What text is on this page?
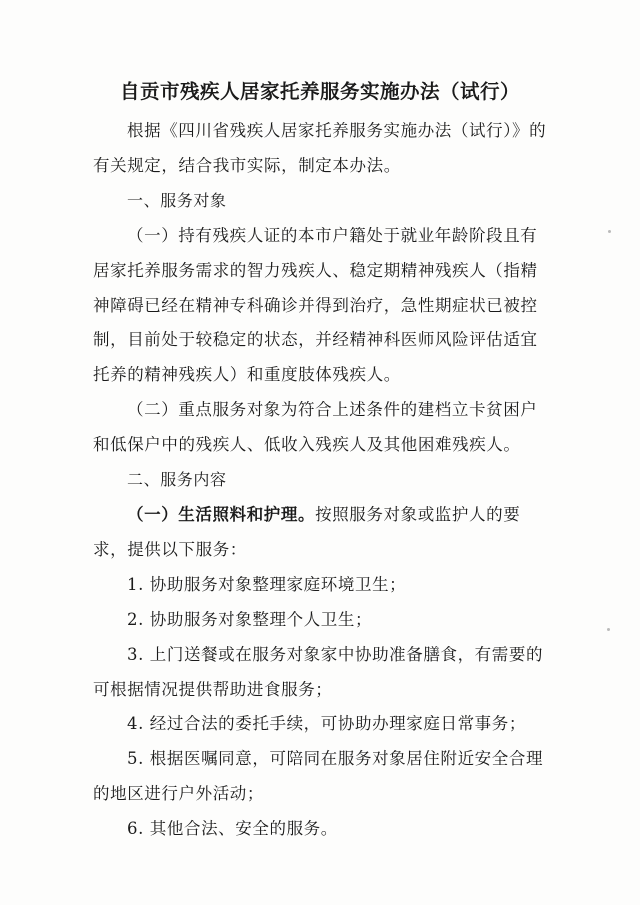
自贡市残疾人居家托养服务实施办法（试行）

根据《四川省残疾人居家托养服务实施办法（试行）》的有关规定，结合我市实际，制定本办法。

一、服务对象

（一）持有残疾人证的本市户籍处于就业年龄阶段且有居家托养服务需求的智力残疾人、稳定期精神残疾人（指精神障碍已经在精神专科确诊并得到治疗，急性期症状已被控制，目前处于较稳定的状态，并经精神科医师风险评估适宜托养的精神残疾人）和重度肢体残疾人。

（二）重点服务对象为符合上述条件的建档立卡贫困户和低保户中的残疾人、低收入残疾人及其他困难残疾人。

二、服务内容

（一）生活照料和护理。按照服务对象或监护人的要求，提供以下服务：

1. 协助服务对象整理家庭环境卫生；

2. 协助服务对象整理个人卫生；

3. 上门送餐或在服务对象家中协助准备膳食，有需要的可根据情况提供帮助进食服务；

4. 经过合法的委托手续，可协助办理家庭日常事务；

5. 根据医嘱同意，可陪同在服务对象居住附近安全合理的地区进行户外活动；

6. 其他合法、安全的服务。
